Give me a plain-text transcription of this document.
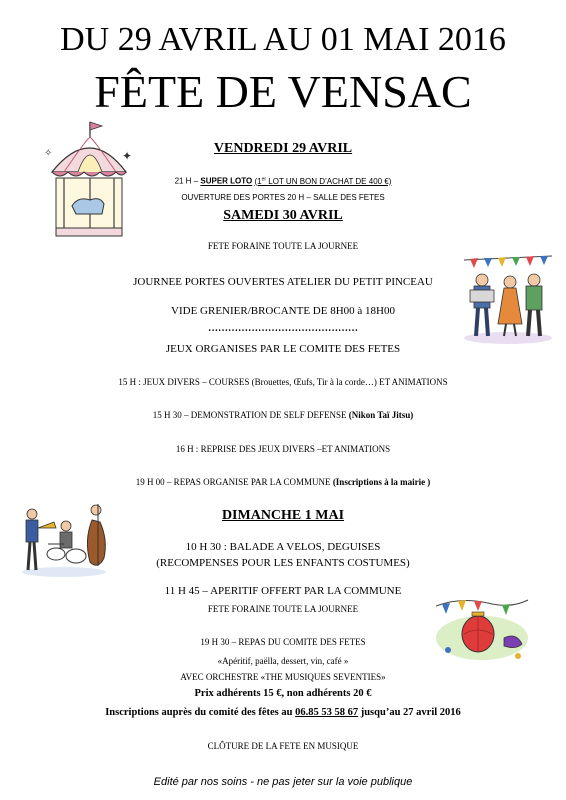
DU 29 AVRIL AU 01 MAI 2016
FÊTE DE VENSAC
✦
✧	VENDREDI 29 AVRIL
21 H – SUPER LOTO (1er LOT UN BON D’ACHAT DE 400 €)
OUVERTURE DES PORTES 20 H – SALLE DES FETES
SAMEDI 30 AVRIL
FETE FORAINE TOUTE LA JOURNEE
JOURNEE PORTES OUVERTES ATELIER DU PETIT PINCEAU
VIDE GRENIER/BROCANTE DE 8H00 à 18H00
………………………………………
JEUX ORGANISES PAR LE COMITE DES FETES
15 H : JEUX DIVERS – COURSES (Brouettes, Œufs, Tir à la corde…) ET ANIMATIONS
15 H 30 – DEMONSTRATION DE SELF DEFENSE (Nikon Taï Jitsu)
16 H : REPRISE DES JEUX DIVERS –ET ANIMATIONS
19 H 00 – REPAS ORGANISE PAR LA COMMUNE (Inscriptions à la mairie )
DIMANCHE 1 MAI
10 H 30 : BALADE A VELOS, DEGUISES
(RECOMPENSES POUR LES ENFANTS COSTUMES)
11 H 45 – APERITIF OFFERT PAR LA COMMUNE
FETE FORAINE TOUTE LA JOURNEE
19 H 30 – REPAS DU COMITE DES FETES
«Apéritif, paëlla, dessert, vin, café »
AVEC ORCHESTRE «THE MUSIQUES SEVENTIES»
Prix adhérents 15 €, non adhérents 20 €
Inscriptions auprès du comité des fêtes au 06.85 53 58 67 jusqu’au 27 avril 2016
CLÔTURE DE LA FETE EN MUSIQUE
Edité par nos soins - ne pas jeter sur la voie publique
